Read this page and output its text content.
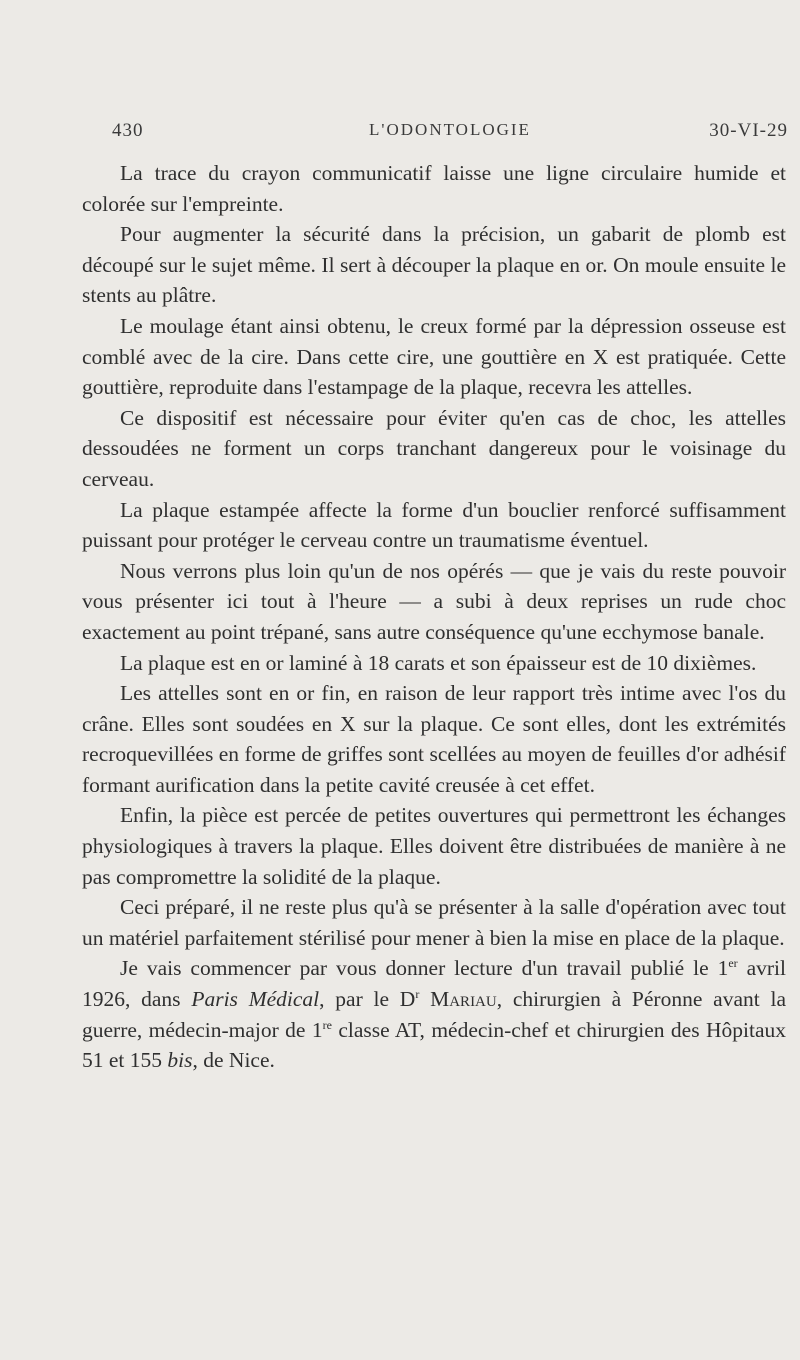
430	L'ODONTOLOGIE	30-VI-29

La trace du crayon communicatif laisse une ligne circulaire humide et colorée sur l'empreinte.

Pour augmenter la sécurité dans la précision, un gabarit de plomb est découpé sur le sujet même. Il sert à découper la plaque en or. On moule ensuite le stents au plâtre.

Le moulage étant ainsi obtenu, le creux formé par la dépression osseuse est comblé avec de la cire. Dans cette cire, une gouttière en X est pratiquée. Cette gouttière, reproduite dans l'estampage de la plaque, recevra les attelles.

Ce dispositif est nécessaire pour éviter qu'en cas de choc, les attelles dessoudées ne forment un corps tranchant dangereux pour le voisinage du cerveau.

La plaque estampée affecte la forme d'un bouclier renforcé suffisamment puissant pour protéger le cerveau contre un traumatisme éventuel.

Nous verrons plus loin qu'un de nos opérés — que je vais du reste pouvoir vous présenter ici tout à l'heure — a subi à deux reprises un rude choc exactement au point trépané, sans autre conséquence qu'une ecchymose banale.

La plaque est en or laminé à 18 carats et son épaisseur est de 10 dixièmes.

Les attelles sont en or fin, en raison de leur rapport très intime avec l'os du crâne. Elles sont soudées en X sur la plaque. Ce sont elles, dont les extrémités recroquevillées en forme de griffes sont scellées au moyen de feuilles d'or adhésif formant aurification dans la petite cavité creusée à cet effet.

Enfin, la pièce est percée de petites ouvertures qui permettront les échanges physiologiques à travers la plaque. Elles doivent être distribuées de manière à ne pas compromettre la solidité de la plaque.

Ceci préparé, il ne reste plus qu'à se présenter à la salle d'opération avec tout un matériel parfaitement stérilisé pour mener à bien la mise en place de la plaque.

Je vais commencer par vous donner lecture d'un travail publié le 1er avril 1926, dans Paris Médical, par le $D^r$ Mariau, chirurgien à Péronne avant la guerre, médecin-major de 1re classe AT, médecin-chef et chirurgien des Hôpitaux 51 et 155 bis, de Nice.
